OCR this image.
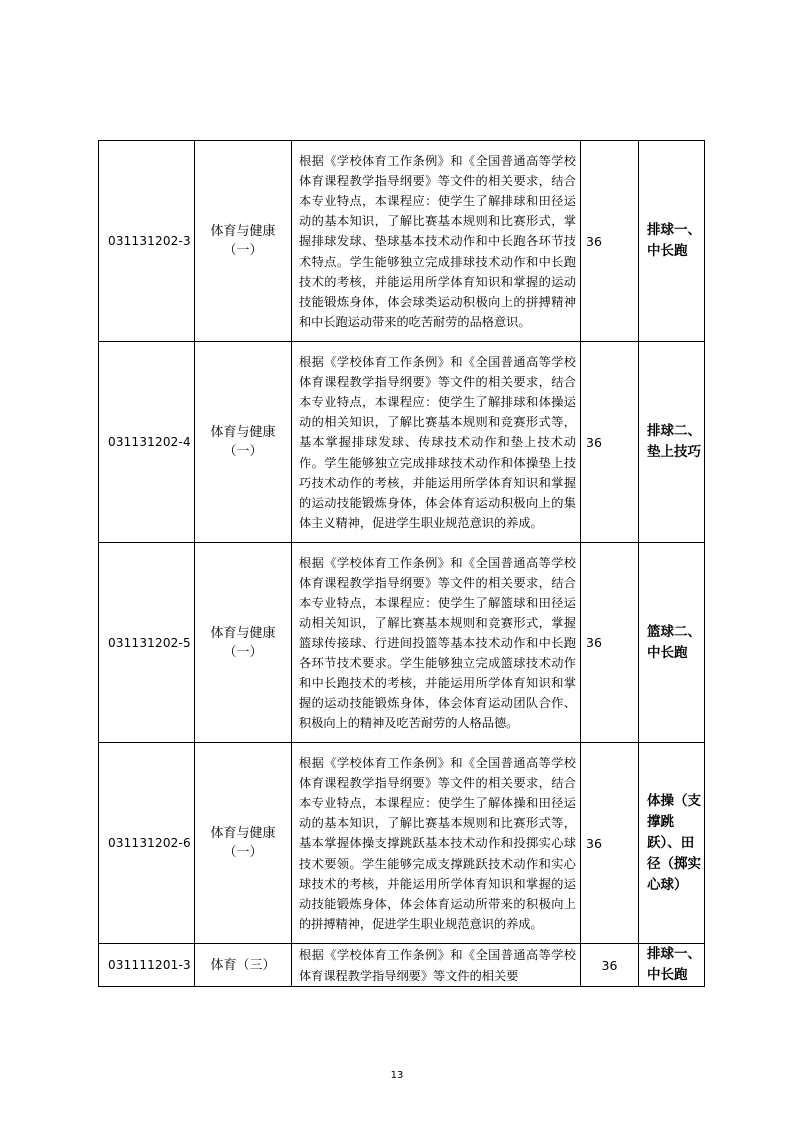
031131202-3	体育与健康（一）	根据《学校体育工作条例》和《全国普通高等学校体育课程教学指导纲要》等文件的相关要求，结合本专业特点，本课程应：使学生了解排球和田径运动的基本知识，了解比赛基本规则和比赛形式，掌握排球发球、垫球基本技术动作和中长跑各环节技术特点。学生能够独立完成排球技术动作和中长跑技术的考核，并能运用所学体育知识和掌握的运动技能锻炼身体，体会球类运动积极向上的拼搏精神和中长跑运动带来的吃苦耐劳的品格意识。	36	排球一、中长跑
031131202-4	体育与健康（一）	根据《学校体育工作条例》和《全国普通高等学校体育课程教学指导纲要》等文件的相关要求，结合本专业特点，本课程应：使学生了解排球和体操运动的相关知识，了解比赛基本规则和竞赛形式等，基本掌握排球发球、传球技术动作和垫上技术动作。学生能够独立完成排球技术动作和体操垫上技巧技术动作的考核，并能运用所学体育知识和掌握的运动技能锻炼身体，体会体育运动积极向上的集体主义精神，促进学生职业规范意识的养成。	36	排球二、垫上技巧
031131202-5	体育与健康（一）	根据《学校体育工作条例》和《全国普通高等学校体育课程教学指导纲要》等文件的相关要求，结合本专业特点，本课程应：使学生了解篮球和田径运动相关知识，了解比赛基本规则和竞赛形式，掌握篮球传接球、行进间投篮等基本技术动作和中长跑各环节技术要求。学生能够独立完成篮球技术动作和中长跑技术的考核，并能运用所学体育知识和掌握的运动技能锻炼身体，体会体育运动团队合作、积极向上的精神及吃苦耐劳的人格品德。	36	篮球二、中长跑
031131202-6	体育与健康（一）	根据《学校体育工作条例》和《全国普通高等学校体育课程教学指导纲要》等文件的相关要求，结合本专业特点，本课程应：使学生了解体操和田径运动的基本知识，了解比赛基本规则和比赛形式等，基本掌握体操支撑跳跃基本技术动作和投掷实心球技术要领。学生能够完成支撑跳跃技术动作和实心球技术的考核，并能运用所学体育知识和掌握的运动技能锻炼身体，体会体育运动所带来的积极向上的拼搏精神，促进学生职业规范意识的养成。	36	体操（支撑跳跃）、田径（掷实心球）
031111201-3	体育（三）	根据《学校体育工作条例》和《全国普通高等学校体育课程教学指导纲要》等文件的相关要	36	排球一、中长跑
13
